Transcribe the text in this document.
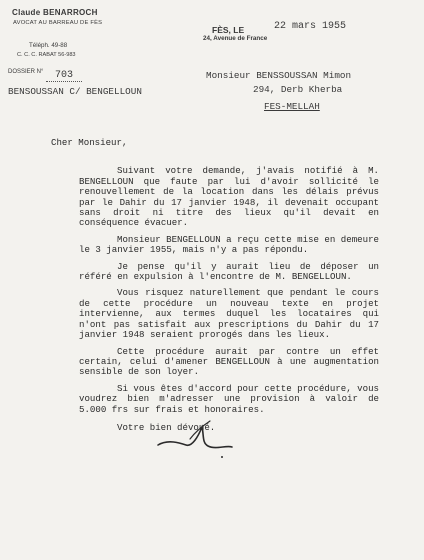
Claude BENARROCH
AVOCAT AU BARREAU DE FÈS
Téléph. 49-88
C. C. C. RABAT 56-983
DOSSIER N°	703
FÈS, LE	22 mars 1955
24, Avenue de France
Monsieur BENSSOUSSAN Mimon
294, Derb Kherba
FES-MELLAH
BENSOUSSAN C/ BENGELLOUN

Cher Monsieur,

Suivant votre demande, j'avais notifié à M. BENGELLOUN que faute par lui d'avoir sollicité le renouvellement de la location dans les délais prévus par le Dahir du 17 janvier 1948, il devenait occupant sans droit ni titre des lieux qu'il devait en conséquence évacuer.

Monsieur BENGELLOUN a reçu cette mise en demeure le 3 janvier 1955, mais n'y a pas répondu.

Je pense qu'il y aurait lieu de déposer un référé en expulsion à l'encontre de M. BENGELLOUN.

Vous risquez naturellement que pendant le cours de cette procédure un nouveau texte en projet intervienne, aux termes duquel les locataires qui n'ont pas satisfait aux prescriptions du Dahir du 17 janvier 1948 seraient prorogés dans les lieux.

Cette procédure aurait par contre un effet certain, celui d'amener BENGELLOUN à une augmentation sensible de son loyer.

Si vous êtes d'accord pour cette procédure, vous voudrez bien m'adresser une provision à valoir de 5.000 frs sur frais et honoraires.

Votre bien dévoué.
